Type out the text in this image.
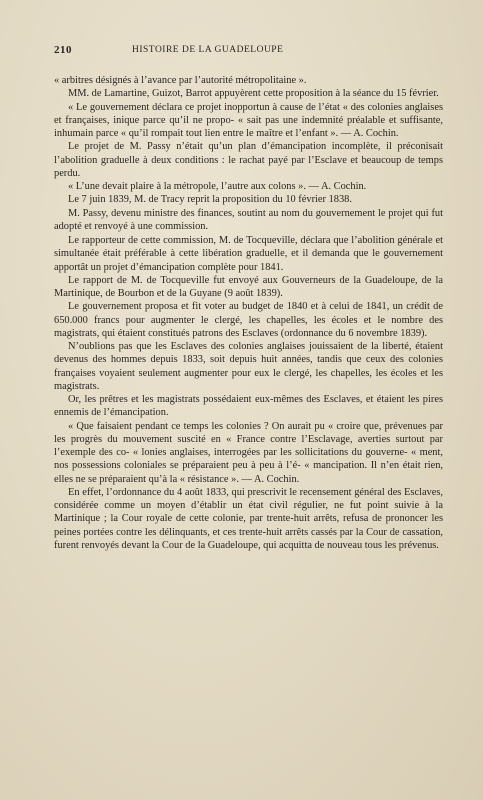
210	HISTOIRE DE LA GUADELOUPE

« arbitres désignés à l’avance par l’autorité métropolitaine ».

MM. de Lamartine, Guizot, Barrot appuyèrent cette proposition à la séance du 15 février.

« Le gouvernement déclara ce projet inopportun à cause de l’état « des colonies anglaises et françaises, inique parce qu’il ne propo- « sait pas une indemnité préalable et suffisante, inhumain parce « qu’il rompait tout lien entre le maître et l’enfant ». — A. Cochin.

Le projet de M. Passy n’était qu’un plan d’émancipation incomplète, il préconisait l’abolition graduelle à deux conditions : le rachat payé par l’Esclave et beaucoup de temps perdu.

« L’une devait plaire à la métropole, l’autre aux colons ». — A. Cochin.

Le 7 juin 1839, M. de Tracy reprit la proposition du 10 février 1838.

M. Passy, devenu ministre des finances, soutint au nom du gouvernement le projet qui fut adopté et renvoyé à une commission.

Le rapporteur de cette commission, M. de Tocqueville, déclara que l’abolition générale et simultanée était préférable à cette libération graduelle, et il demanda que le gouvernement apportât un projet d’émancipation complète pour 1841.

Le rapport de M. de Tocqueville fut envoyé aux Gouverneurs de la Guadeloupe, de la Martinique, de Bourbon et de la Guyane (9 août 1839).

Le gouvernement proposa et fit voter au budget de 1840 et à celui de 1841, un crédit de 650.000 francs pour augmenter le clergé, les chapelles, les écoles et le nombre des magistrats, qui étaient constitués patrons des Esclaves (ordonnance du 6 novembre 1839).

N’oublions pas que les Esclaves des colonies anglaises jouissaient de la liberté, étaient devenus des hommes depuis 1833, soit depuis huit années, tandis que ceux des colonies françaises voyaient seulement augmenter pour eux le clergé, les chapelles, les écoles et les magistrats.

Or, les prêtres et les magistrats possédaient eux-mêmes des Esclaves, et étaient les pires ennemis de l’émancipation.

« Que faisaient pendant ce temps les colonies ? On aurait pu « croire que, prévenues par les progrès du mouvement suscité en « France contre l’Esclavage, averties surtout par l’exemple des co- « lonies anglaises, interrogées par les sollicitations du gouverne- « ment, nos possessions coloniales se préparaient peu à peu à l’é- « mancipation. Il n’en était rien, elles ne se préparaient qu’à la « résistance ». — A. Cochin.

En effet, l’ordonnance du 4 août 1833, qui prescrivit le recensement général des Esclaves, considérée comme un moyen d’établir un état civil régulier, ne fut point suivie à la Martinique ; la Cour royale de cette colonie, par trente-huit arrêts, refusa de prononcer les peines portées contre les délinquants, et ces trente-huit arrêts cassés par la Cour de cassation, furent renvoyés devant la Cour de la Guadeloupe, qui acquitta de nouveau tous les prévenus.
